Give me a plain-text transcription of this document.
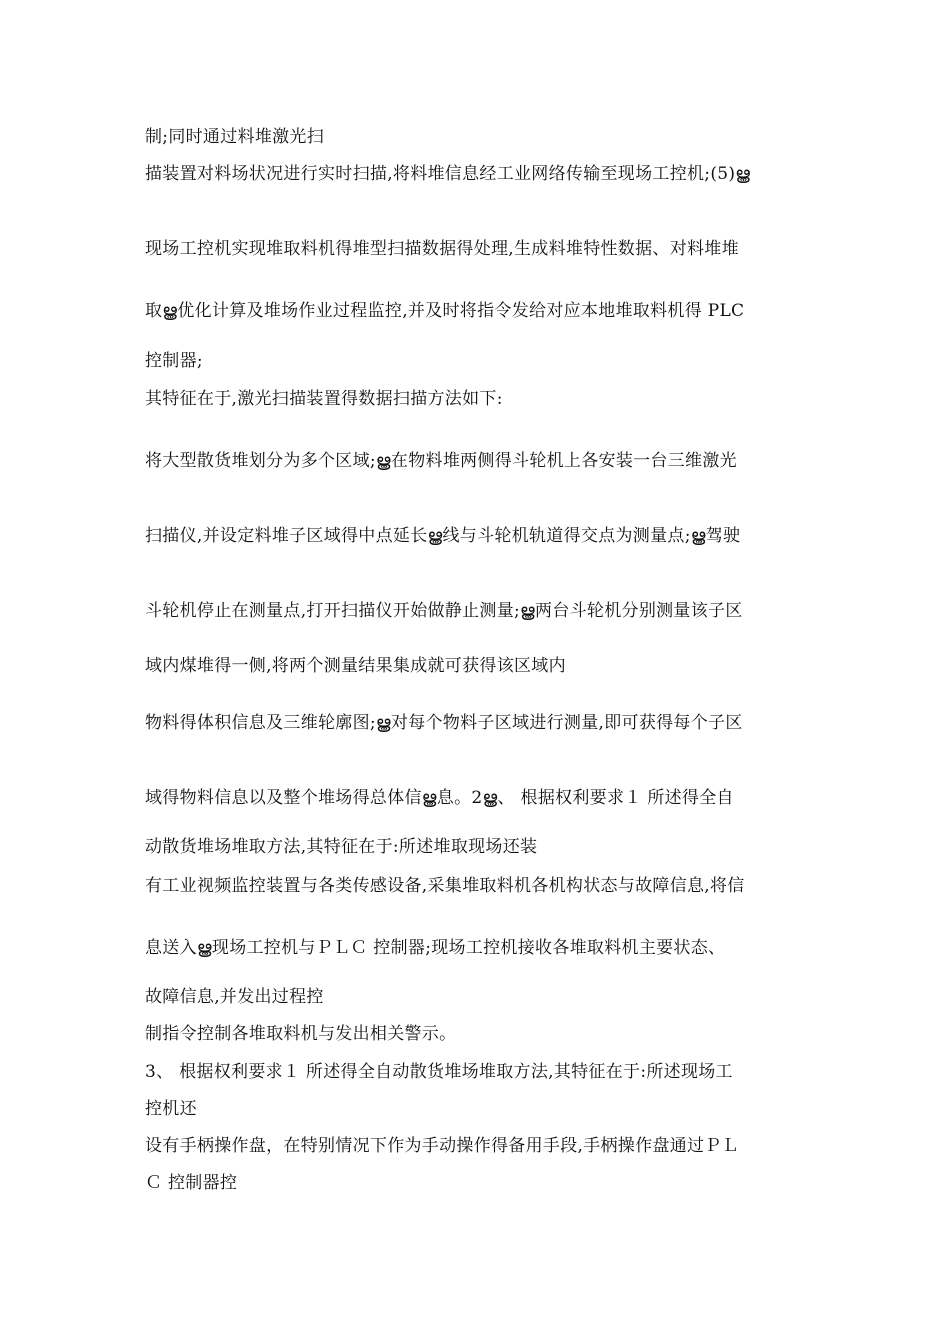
制;同时通过料堆激光扫
描装置对料场状况进行实时扫描,将料堆信息经工业网络传输至现场工控机;(5)ൠ
现场工控机实现堆取料机得堆型扫描数据得处理,生成料堆特性数据、对料堆堆
取ൠ优化计算及堆场作业过程监控,并及时将指令发给对应本地堆取料机得 PLC
控制器;
其特征在于,激光扫描装置得数据扫描方法如下:
将大型散货堆划分为多个区域;ൠ在物料堆两侧得斗轮机上各安装一台三维激光
扫描仪,并设定料堆子区域得中点延长ൠ线与斗轮机轨道得交点为测量点;ൠ驾驶
斗轮机停止在测量点,打开扫描仪开始做静止测量;ൠ两台斗轮机分别测量该子区
域内煤堆得一侧,将两个测量结果集成就可获得该区域内
物料得体积信息及三维轮廓图;ൠ对每个物料子区域进行测量,即可获得每个子区
域得物料信息以及整个堆场得总体信ൠ息。2ൠ、 根据权利要求１ 所述得全自
动散货堆场堆取方法,其特征在于:所述堆取现场还装
有工业视频监控装置与各类传感设备,采集堆取料机各机构状态与故障信息,将信
息送入ൠ现场工控机与ＰＬＣ 控制器;现场工控机接收各堆取料机主要状态、
故障信息,并发出过程控
制指令控制各堆取料机与发出相关警示。
3、 根据权利要求１ 所述得全自动散货堆场堆取方法,其特征在于:所述现场工
控机还
设有手柄操作盘，在特别情况下作为手动操作得备用手段,手柄操作盘通过ＰＬ
Ｃ 控制器控
